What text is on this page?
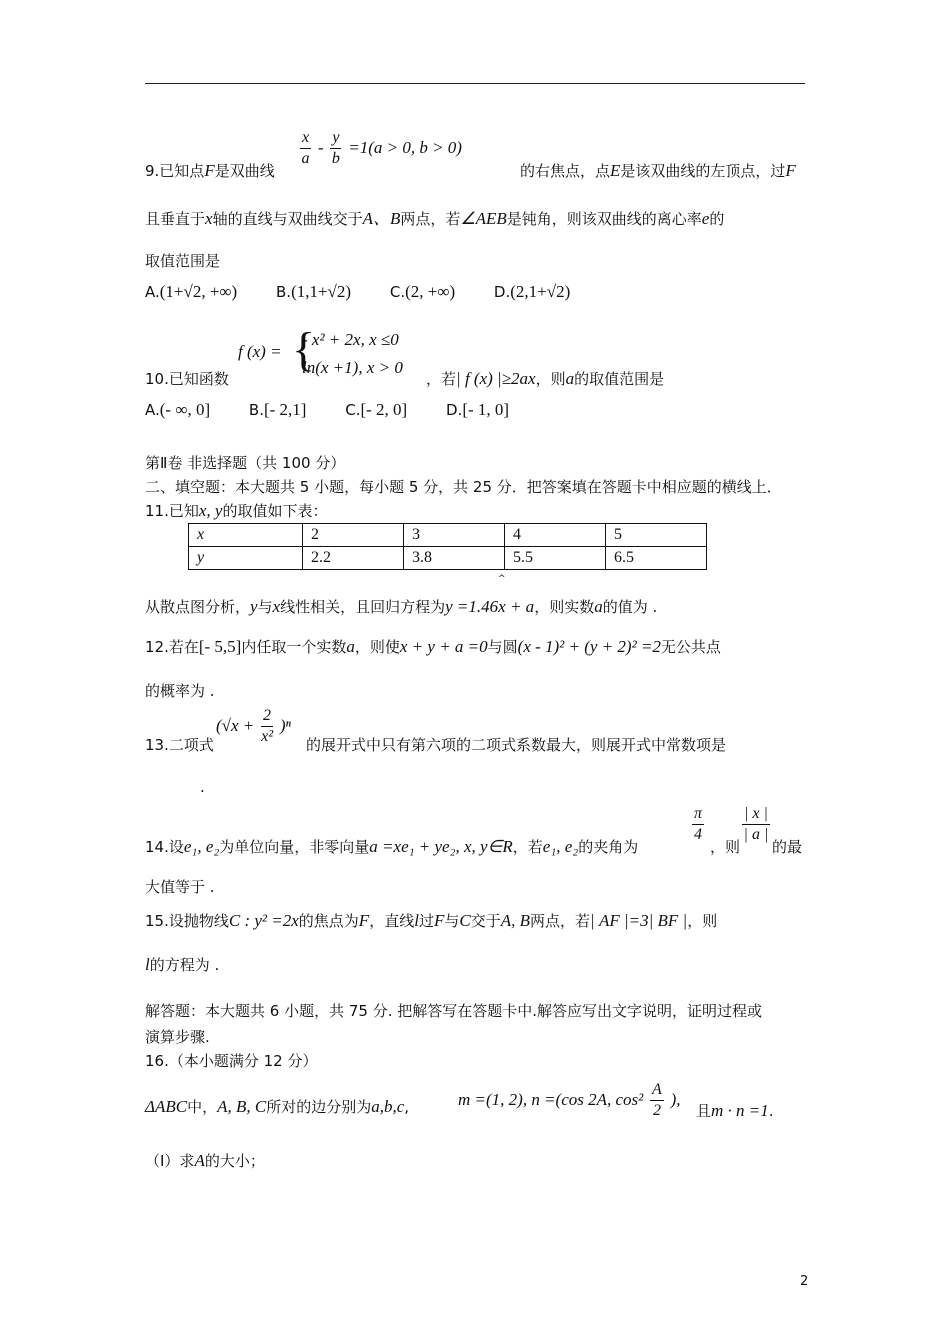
$\frac{x}{a} - \frac{y}{b} =1(a > 0$, b > 0)
9.已知点F是双曲线	的右焦点，点E是该双曲线的左顶点，过F
且垂直于x轴的直线与双曲线交于A、B两点，若∠AEB是钝角，则该双曲线的离心率e的
取值范围是
A.(1+√2, +∞)	B.(1,1+√2)	C.(2, +∞)	D.(2,1+√2)
f (x) = {
- x² + 2x, x ≤0
ln(x +1), x > 0
10.已知函数	，若| f (x) |≥2ax，则a的取值范围是
A.(- ∞, 0]	B.[- 2,1]	C.[- 2, 0]	D.[- 1, 0]
第Ⅱ卷 非选择题（共 100 分）
二、填空题：本大题共 5 小题，每小题 5 分，共 25 分．把答案填在答题卡中相应题的横线上．
11.已知x, y的取值如下表：
x	2	3	4	5
y	2.2	3.8	5.5	6.5
^
从散点图分析，y与x线性相关，且回归方程为y =1.46x + a，则实数a的值为 .
12.若在[- 5,5]内任取一个实数a，则使x + y + a =0与圆(x - 1)² + (y + 2)² =2无公共点
的概率为 .
$(√x + \frac{2}{\text{x²}} )^n$
13.二项式	的展开式中只有第六项的二项式系数最大，则展开式中常数项是
.
$\frac{\pi}{4} \frac{| x |}{| a |}$
14.设e₁, e₂为单位向量，非零向量a =xe₁ + ye₂, x, y∈R，若e₁, e₂的夹角为	，则 的最
大值等于 .
15.设抛物线C : y² =2x的焦点为F，直线l过F与C交于A, B两点，若| AF |=3| BF |，则
l的方程为 .
解答题：本大题共 6 小题，共 75 分. 把解答写在答题卡中.解答应写出文字说明，证明过程或
演算步骤.
16.（本小题满分 12 分）
ΔABC中，A, B, C所对的边分别为a,b,c,	m =(1, 2), n =(cos 2A, $\cos^2 \frac{A}{2}$ ),
且m · n =1.
（Ⅰ）求A的大小；
2
